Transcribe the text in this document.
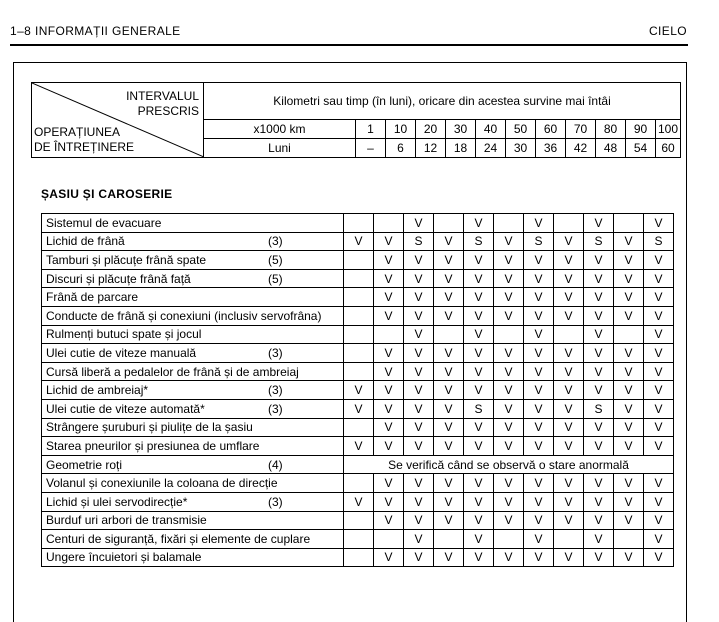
1–8 INFORMAȚII GENERALE	CIELO
INTERVALUL
PRESCRIS
OPERAȚIUNEA
DE ÎNTREȚINERE	Kilometri sau timp (în luni), oricare din acestea survine mai întâi											
	x1000 km	1	10	20	30	40	50	60	70	80	90	100
	Luni	–	6	12	18	24	30	36	42	48	54	60
ȘASIU ȘI CAROSERIE
Sistemul de evacuare			V		V		V		V		V
Lichid de frână (3)	V	V	S	V	S	V	S	V	S	V	S
Tamburi și plăcuțe frână spate (5)		V	V	V	V	V	V	V	V	V	V
Discuri și plăcuțe frână față (5)		V	V	V	V	V	V	V	V	V	V
Frână de parcare		V	V	V	V	V	V	V	V	V	V
Conducte de frână și conexiuni (inclusiv servofrâna)		V	V	V	V	V	V	V	V	V	V
Rulmenți butuci spate și jocul			V		V		V		V		V
Ulei cutie de viteze manuală (3)		V	V	V	V	V	V	V	V	V	V
Cursă liberă a pedalelor de frână și de ambreiaj		V	V	V	V	V	V	V	V	V	V
Lichid de ambreiaj* (3)	V	V	V	V	V	V	V	V	V	V	V
Ulei cutie de viteze automată* (3)	V	V	V	V	S	V	V	V	S	V	V
Strângere șuruburi și piulițe de la șasiu		V	V	V	V	V	V	V	V	V	V
Starea pneurilor și presiunea de umflare	V	V	V	V	V	V	V	V	V	V	V
Geometrie roți (4)	Se verifică când se observă o stare anormală										
Volanul și conexiunile la coloana de direcție		V	V	V	V	V	V	V	V	V	V
Lichid și ulei servodirecție* (3)	V	V	V	V	V	V	V	V	V	V	V
Burduf uri arbori de transmisie		V	V	V	V	V	V	V	V	V	V
Centuri de siguranță, fixări și elemente de cuplare			V		V		V		V		V
Ungere încuietori și balamale		V	V	V	V	V	V	V	V	V	V
